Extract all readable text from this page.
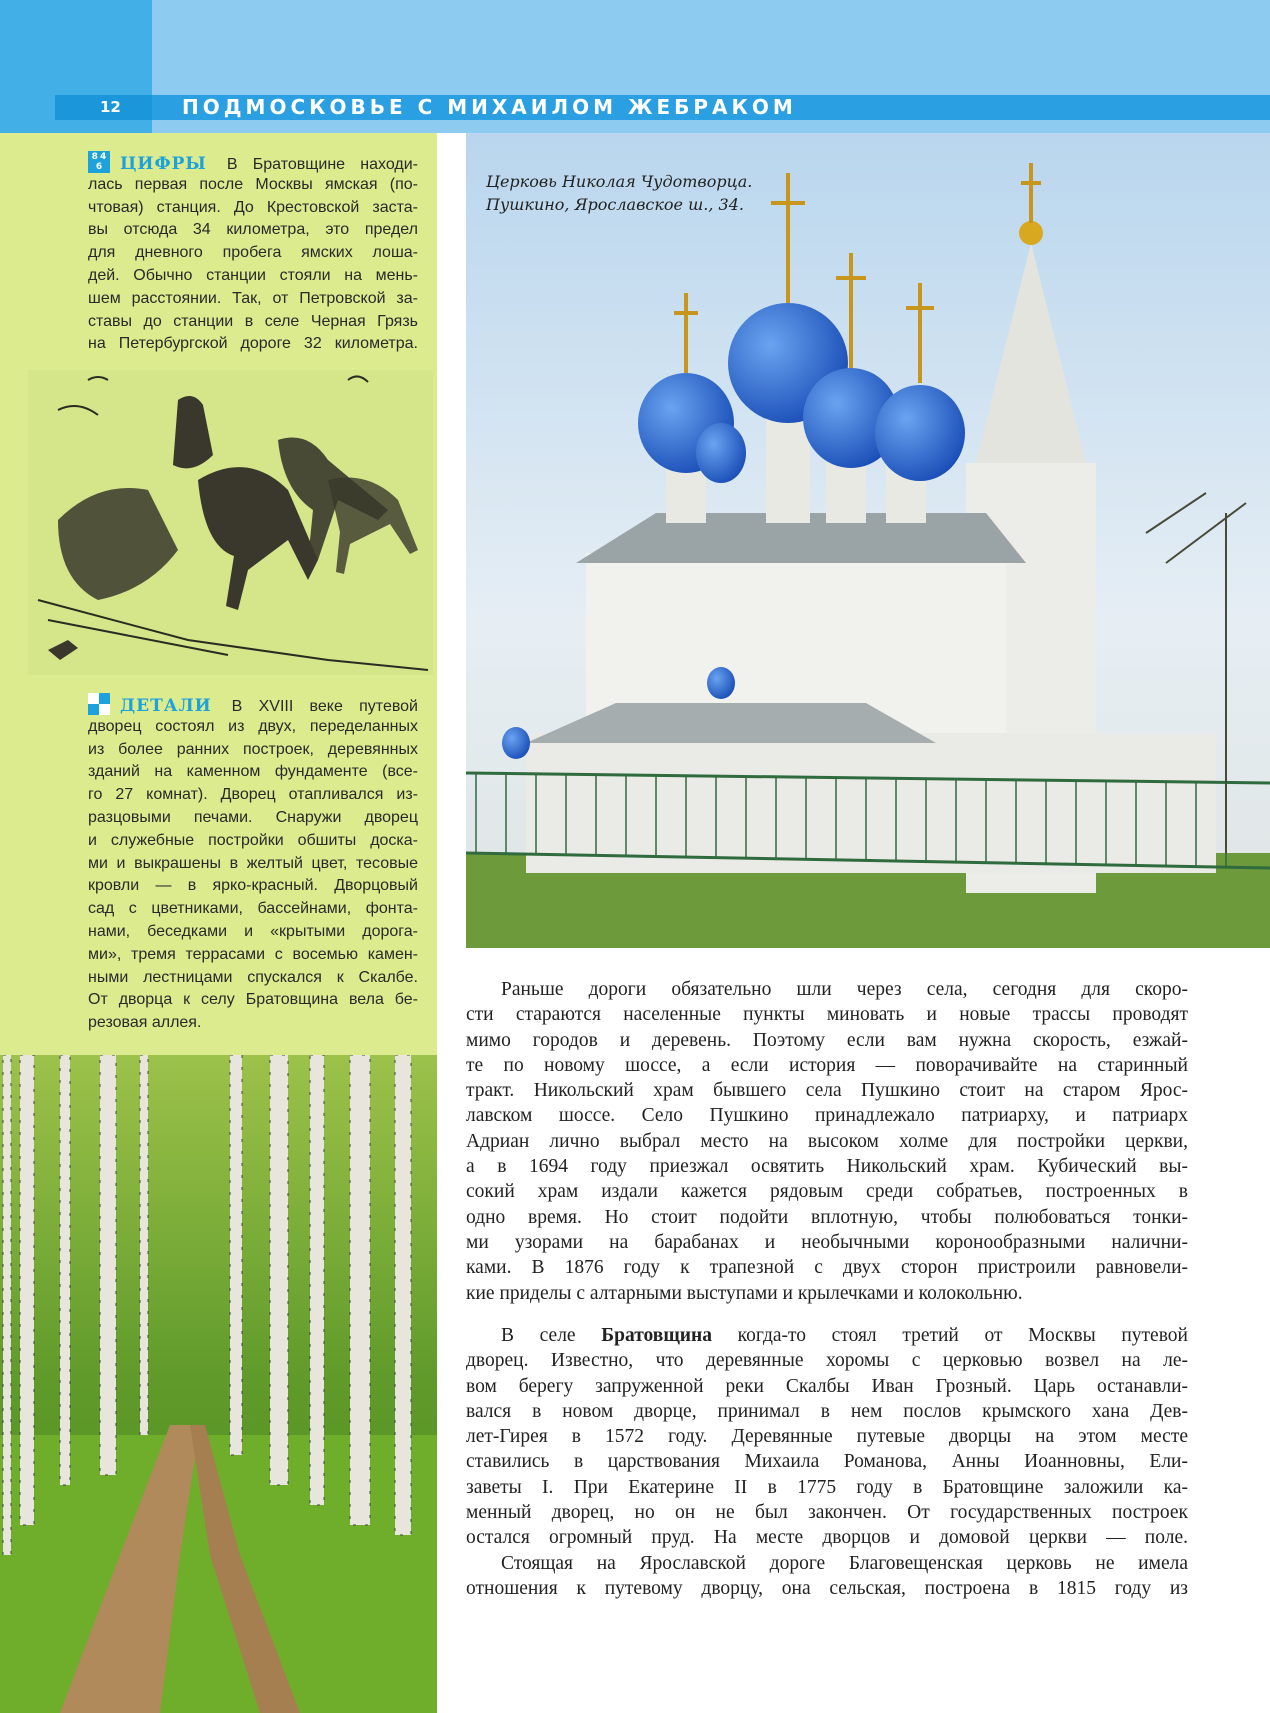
12	ПОДМОСКОВЬЕ С МИХАИЛОМ ЖЕБРАКОМ
8 4 6 ЦИФРЫ В Братовщине находи-
лась первая после Москвы ямская (по-
чтовая) станция. До Крестовской заста-
вы отсюда 34 километра, это предел
для дневного пробега ямских лоша-
дей. Обычно станции стояли на мень-
шем расстоянии. Так, от Петровской за-
ставы до станции в селе Черная Грязь
на Петербургской дороге 32 километра.
ДЕТАЛИ В XVIII веке путевой
дворец состоял из двух, переделанных
из более ранних построек, деревянных
зданий на каменном фундаменте (все-
го 27 комнат). Дворец отапливался из-
разцовыми печами. Снаружи дворец
и служебные постройки обшиты доска-
ми и выкрашены в желтый цвет, тесовые
кровли — в ярко-красный. Дворцовый
сад с цветниками, бассейнами, фонта-
нами, беседками и «крытыми дорога-
ми», тремя террасами с восемью камен-
ными лестницами спускался к Скалбе.
От дворца к селу Братовщина вела бе-
резовая аллея.
Церковь Николая Чудотворца.
Пушкино, Ярославское ш., 34.
Раньше дороги обязательно шли через села, сегодня для скоро-
сти стараются населенные пункты миновать и новые трассы проводят
мимо городов и деревень. Поэтому если вам нужна скорость, езжай-
те по новому шоссе, а если история — поворачивайте на старинный
тракт. Никольский храм бывшего села Пушкино стоит на старом Ярос-
лавском шоссе. Село Пушкино принадлежало патриарху, и патриарх
Адриан лично выбрал место на высоком холме для постройки церкви,
а в 1694 году приезжал освятить Никольский храм. Кубический вы-
сокий храм издали кажется рядовым среди собратьев, построенных в
одно время. Но стоит подойти вплотную, чтобы полюбоваться тонки-
ми узорами на барабанах и необычными коронообразными налични-
ками. В 1876 году к трапезной с двух сторон пристроили равновели-
кие приделы с алтарными выступами и крылечками и колокольню.
В селе Братовщина когда-то стоял третий от Москвы путевой
дворец. Известно, что деревянные хоромы с церковью возвел на ле-
вом берегу запруженной реки Скалбы Иван Грозный. Царь останавли-
вался в новом дворце, принимал в нем послов крымского хана Дев-
лет-Гирея в 1572 году. Деревянные путевые дворцы на этом месте
ставились в царствования Михаила Романова, Анны Иоанновны, Ели-
заветы I. При Екатерине II в 1775 году в Братовщине заложили ка-
менный дворец, но он не был закончен. От государственных построек
остался огромный пруд. На месте дворцов и домовой церкви — поле.
Стоящая на Ярославской дороге Благовещенская церковь не имела
отношения к путевому дворцу, она сельская, построена в 1815 году из
